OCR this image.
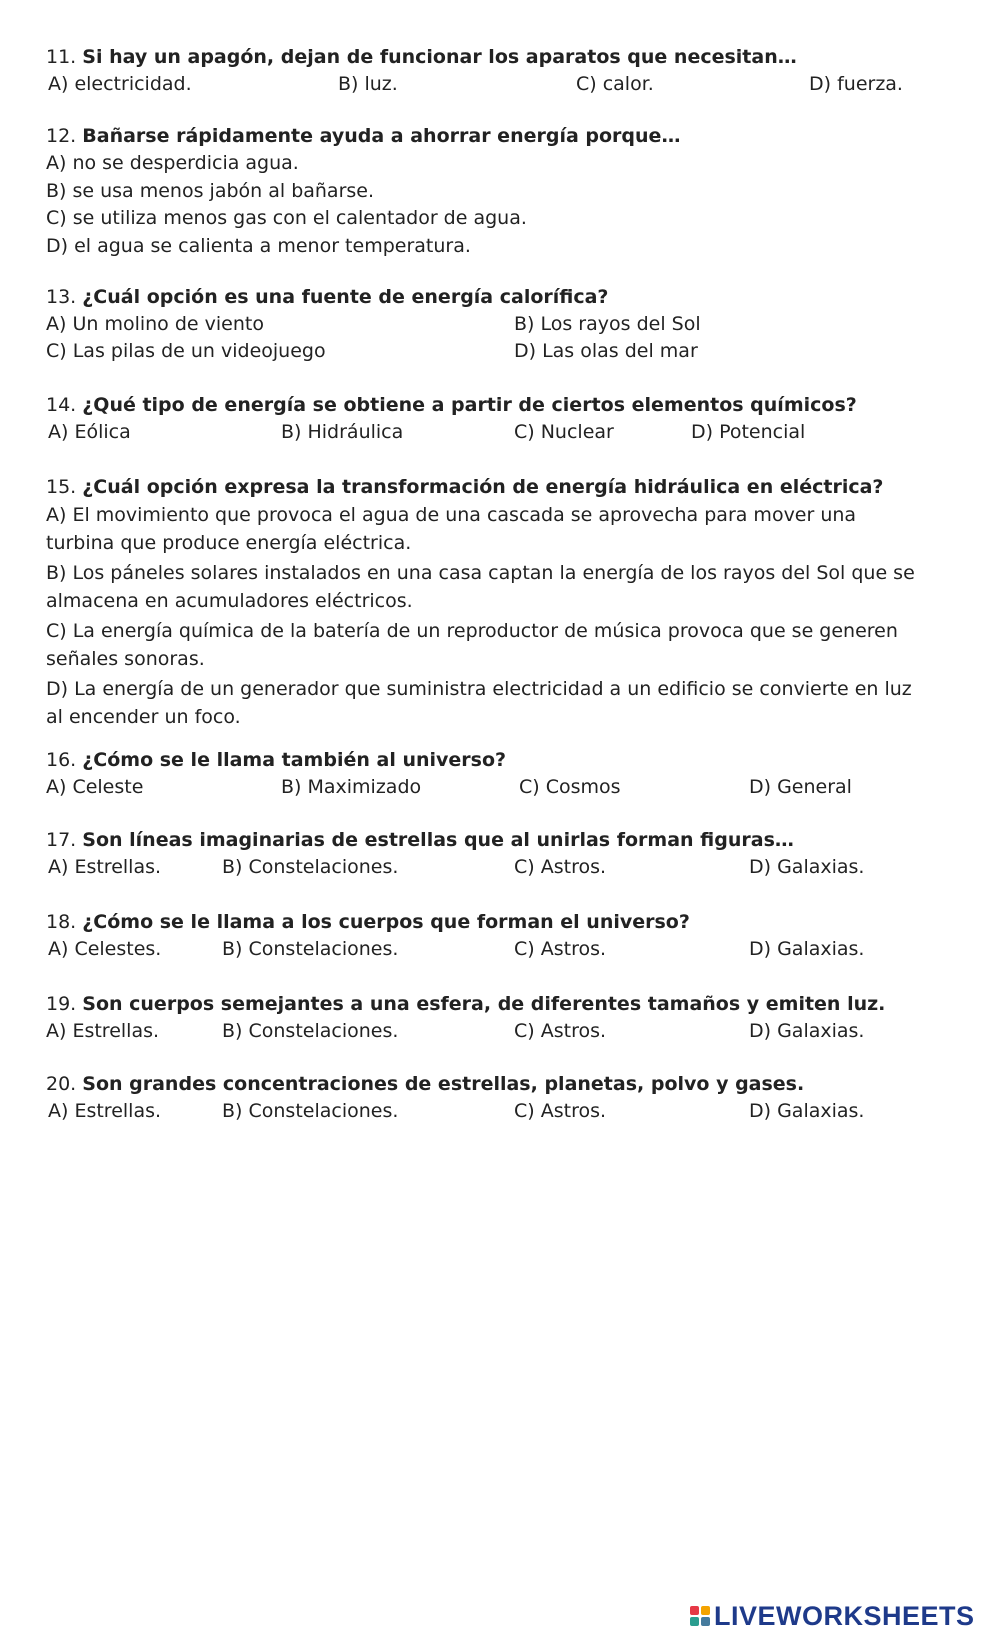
11. Si hay un apagón, dejan de funcionar los aparatos que necesitan…
A) electricidad.	B) luz.	C) calor.	D) fuerza.
12. Bañarse rápidamente ayuda a ahorrar energía porque…
A) no se desperdicia agua.
B) se usa menos jabón al bañarse.
C) se utiliza menos gas con el calentador de agua.
D) el agua se calienta a menor temperatura.
13. ¿Cuál opción es una fuente de energía calorífica?
A) Un molino de viento	B) Los rayos del Sol
C) Las pilas de un videojuego	D) Las olas del mar
14. ¿Qué tipo de energía se obtiene a partir de ciertos elementos químicos?
A) Eólica	B) Hidráulica	C) Nuclear	D) Potencial
15. ¿Cuál opción expresa la transformación de energía hidráulica en eléctrica?

A) El movimiento que provoca el agua de una cascada se aprovecha para mover una turbina que produce energía eléctrica.

B) Los páneles solares instalados en una casa captan la energía de los rayos del Sol que se almacena en acumuladores eléctricos.

C) La energía química de la batería de un reproductor de música provoca que se generen señales sonoras.

D) La energía de un generador que suministra electricidad a un edificio se convierte en luz al encender un foco.

16. ¿Cómo se le llama también al universo?
A) Celeste	B) Maximizado	C) Cosmos	D) General
17. Son líneas imaginarias de estrellas que al unirlas forman figuras…
A) Estrellas.	B) Constelaciones.	C) Astros.	D) Galaxias.
18. ¿Cómo se le llama a los cuerpos que forman el universo?
A) Celestes.	B) Constelaciones.	C) Astros.	D) Galaxias.
19. Son cuerpos semejantes a una esfera, de diferentes tamaños y emiten luz.
A) Estrellas.	B) Constelaciones.	C) Astros.	D) Galaxias.
20. Son grandes concentraciones de estrellas, planetas, polvo y gases.
A) Estrellas.	B) Constelaciones.	C) Astros.	D) Galaxias.
LIVEWORKSHEETS
